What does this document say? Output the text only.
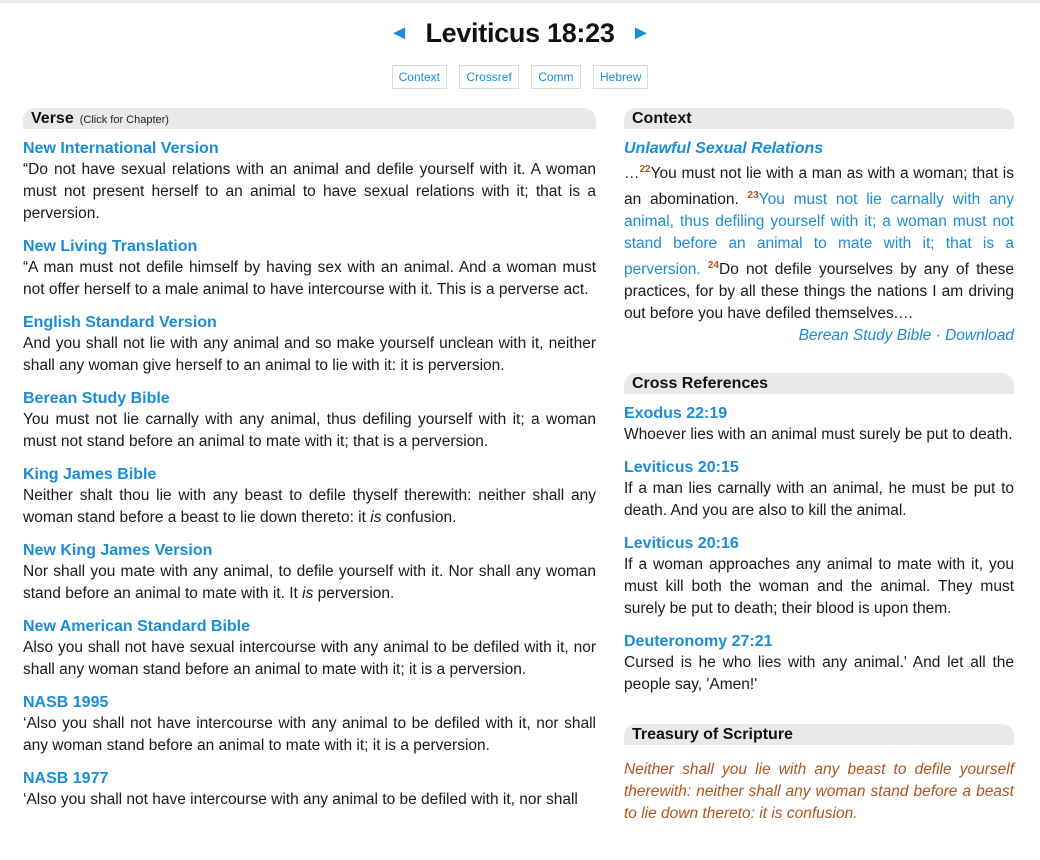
◄ Leviticus 18:23 ►
Context Crossref Comm Hebrew
Verse (Click for Chapter)
New International Version
“Do not have sexual relations with an animal and defile yourself with it. A woman must not present herself to an animal to have sexual relations with it; that is a perversion.
New Living Translation
“A man must not defile himself by having sex with an animal. And a woman must not offer herself to a male animal to have intercourse with it. This is a perverse act.
English Standard Version
And you shall not lie with any animal and so make yourself unclean with it, neither shall any woman give herself to an animal to lie with it: it is perversion.
Berean Study Bible
You must not lie carnally with any animal, thus defiling yourself with it; a woman must not stand before an animal to mate with it; that is a perversion.
King James Bible
Neither shalt thou lie with any beast to defile thyself therewith: neither shall any woman stand before a beast to lie down thereto: it is confusion.
New King James Version
Nor shall you mate with any animal, to defile yourself with it. Nor shall any woman stand before an animal to mate with it. It is perversion.
New American Standard Bible
Also you shall not have sexual intercourse with any animal to be defiled with it, nor shall any woman stand before an animal to mate with it; it is a perversion.
NASB 1995
‘Also you shall not have intercourse with any animal to be defiled with it, nor shall any woman stand before an animal to mate with it; it is a perversion.
NASB 1977
‘Also you shall not have intercourse with any animal to be defiled with it, nor shall
Context
Unlawful Sexual Relations
…$^{22}$You must not lie with a man as with a woman; that is an abomination. $^{23}$You must not lie carnally with any animal, thus defiling yourself with it; a woman must not stand before an animal to mate with it; that is a perversion. $^{24}$Do not defile yourselves by any of these practices, for by all these things the nations I am driving out before you have defiled themselves.…
Berean Study Bible · Download
Cross References
Exodus 22:19
Whoever lies with an animal must surely be put to death.
Leviticus 20:15
If a man lies carnally with an animal, he must be put to death. And you are also to kill the animal.
Leviticus 20:16
If a woman approaches any animal to mate with it, you must kill both the woman and the animal. They must surely be put to death; their blood is upon them.
Deuteronomy 27:21
Cursed is he who lies with any animal.' And let all the people say, 'Amen!'
Treasury of Scripture
Neither shall you lie with any beast to defile yourself therewith: neither shall any woman stand before a beast to lie down thereto: it is confusion.
